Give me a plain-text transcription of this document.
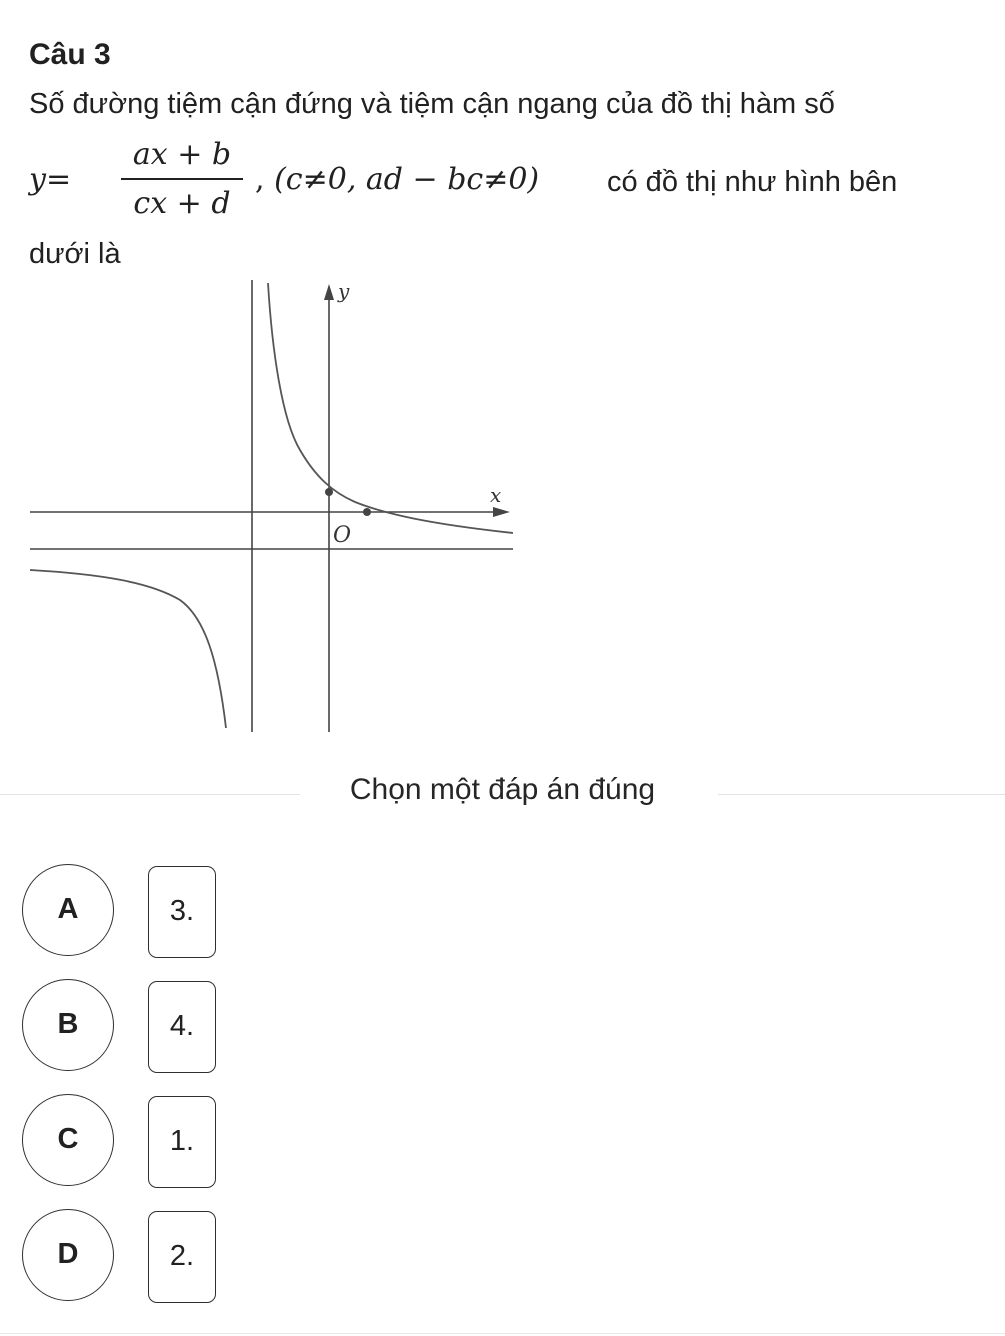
Câu 3
Số đường tiệm cận đứng và tiệm cận ngang của đồ thị hàm số
y=
ax + b
cx + d
, (c≠0, ad − bc≠0) có đồ thị như hình bên
dưới là
y
x
O
Chọn một đáp án đúng
A	3.
B	4.
C	1.
D	2.
